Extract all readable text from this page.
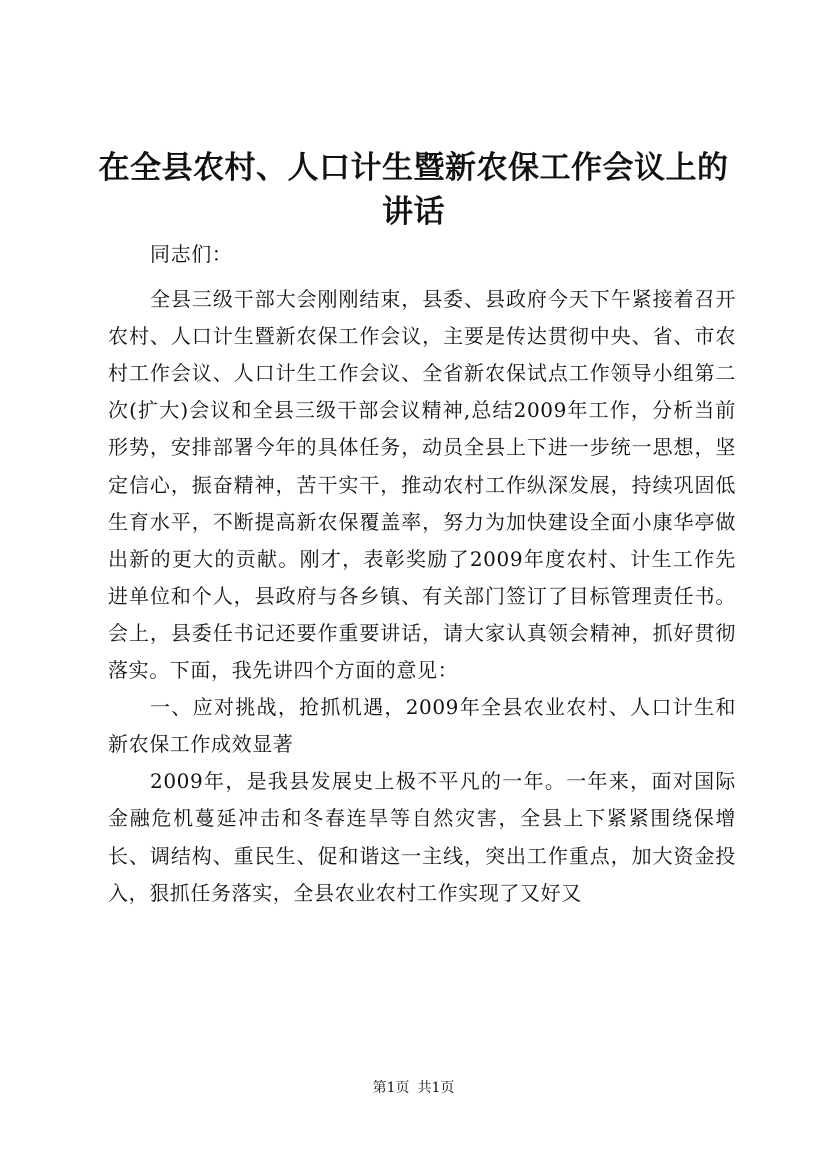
在全县农村、人口计生暨新农保工作会议上的讲话

同志们：

全县三级干部大会刚刚结束，县委、县政府今天下午紧接着召开农村、人口计生暨新农保工作会议，主要是传达贯彻中央、省、市农村工作会议、人口计生工作会议、全省新农保试点工作领导小组第二次(扩大)会议和全县三级干部会议精神,总结2009年工作，分析当前形势，安排部署今年的具体任务，动员全县上下进一步统一思想，坚定信心，振奋精神，苦干实干，推动农村工作纵深发展，持续巩固低生育水平，不断提高新农保覆盖率，努力为加快建设全面小康华亭做出新的更大的贡献。刚才，表彰奖励了2009年度农村、计生工作先进单位和个人，县政府与各乡镇、有关部门签订了目标管理责任书。会上，县委任书记还要作重要讲话，请大家认真领会精神，抓好贯彻落实。下面，我先讲四个方面的意见：

一、应对挑战，抢抓机遇，2009年全县农业农村、人口计生和新农保工作成效显著

2009年，是我县发展史上极不平凡的一年。一年来，面对国际金融危机蔓延冲击和冬春连旱等自然灾害，全县上下紧紧围绕保增长、调结构、重民生、促和谐这一主线，突出工作重点，加大资金投入，狠抓任务落实，全县农业农村工作实现了又好又

第1页 共1页
